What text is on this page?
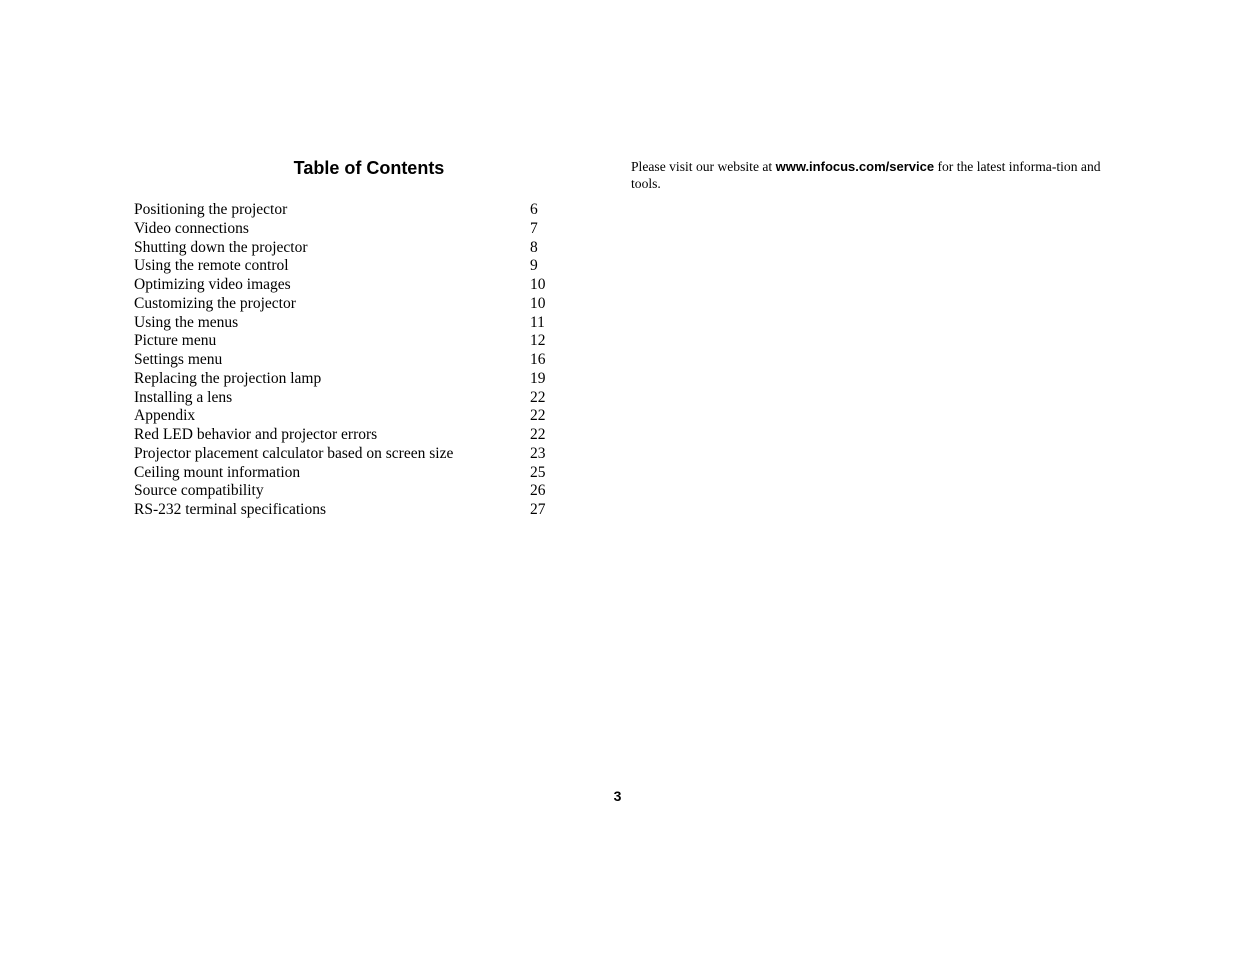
Table of Contents
Positioning the projector	6
Video connections	7
Shutting down the projector	8
Using the remote control	9
Optimizing video images	10
Customizing the projector	10
Using the menus	11
Picture menu	12
Settings menu	16
Replacing the projection lamp	19
Installing a lens	22
Appendix	22
Red LED behavior and projector errors	22
Projector placement calculator based on screen size	23
Ceiling mount information	25
Source compatibility	26
RS-232 terminal specifications	27

Please visit our website at www.infocus.com/service for the latest informa-tion and tools.

3
